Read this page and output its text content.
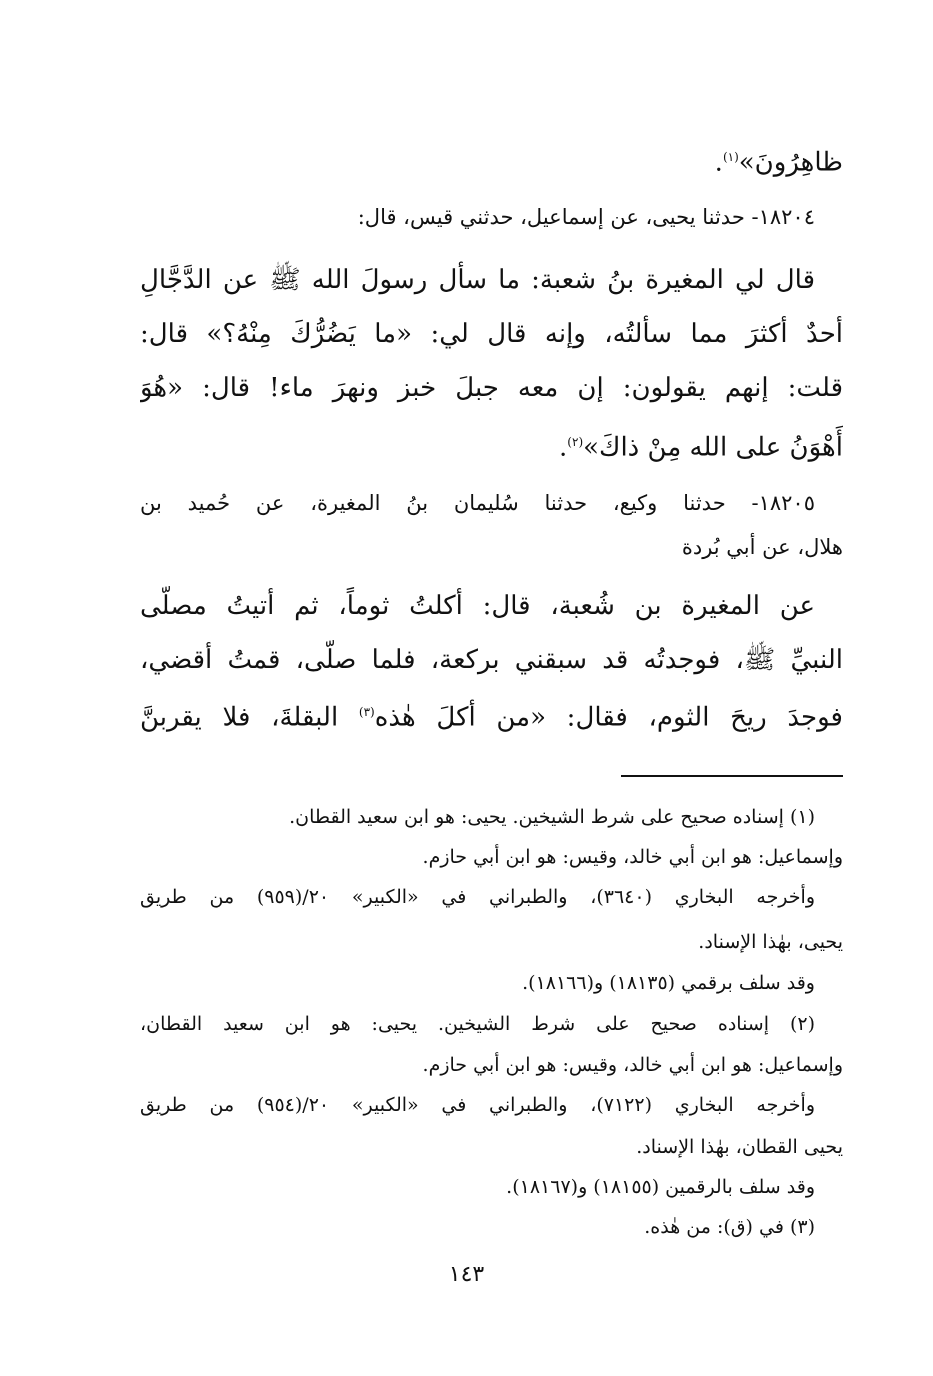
ظاهِرُونَ»$^{(١)}$.
١٨٢٠٤- حدثنا يحيى، عن إسماعيل، حدثني قيس، قال:
قال لي المغيرة بنُ شعبة: ما سأل رسولَ الله ﷺ عن الدَّجَّالِ
أحدٌ أكثرَ مما سألتُه، وإنه قال لي: «ما يَضُرُّكَ مِنْهُ؟» قال:
قلت: إنهم يقولون: إن معه جبلَ خبز ونهرَ ماء! قال: «هُوَ
أَهْوَنُ على الله مِنْ ذاكَ»$^{(٢)}$.
١٨٢٠٥- حدثنا وكيع، حدثنا سُليمان بنُ المغيرة، عن حُميد بن
هلال، عن أبي بُردة
عن المغيرة بن شُعبة، قال: أكلتُ ثوماً، ثم أتيتُ مصلَّى
النبيِّ ﷺ، فوجدتُه قد سبقني بركعة، فلما صلَّى، قمتُ أقضي،
فوجدَ ريحَ الثوم، فقال: «من أكلَ هٰذه$^{(٣)}$ البقلةَ، فلا يقربنَّ
(١) إسناده صحيح على شرط الشيخين. يحيى: هو ابن سعيد القطان.
وإسماعيل: هو ابن أبي خالد، وقيس: هو ابن أبي حازم.
وأخرجه البخاري (٣٦٤٠)، والطبراني في «الكبير» ٢٠/(٩٥٩) من طريق
يحيى، بهٰذا الإسناد.
وقد سلف برقمي (١٨١٣٥) و(١٨١٦٦).
(٢) إسناده صحيح على شرط الشيخين. يحيى: هو ابن سعيد القطان،
وإسماعيل: هو ابن أبي خالد، وقيس: هو ابن أبي حازم.
وأخرجه البخاري (٧١٢٢)، والطبراني في «الكبير» ٢٠/(٩٥٤) من طريق
يحيى القطان، بهٰذا الإسناد.
وقد سلف بالرقمين (١٨١٥٥) و(١٨١٦٧).
(٣) في (ق): من هٰذه.
١٤٣
